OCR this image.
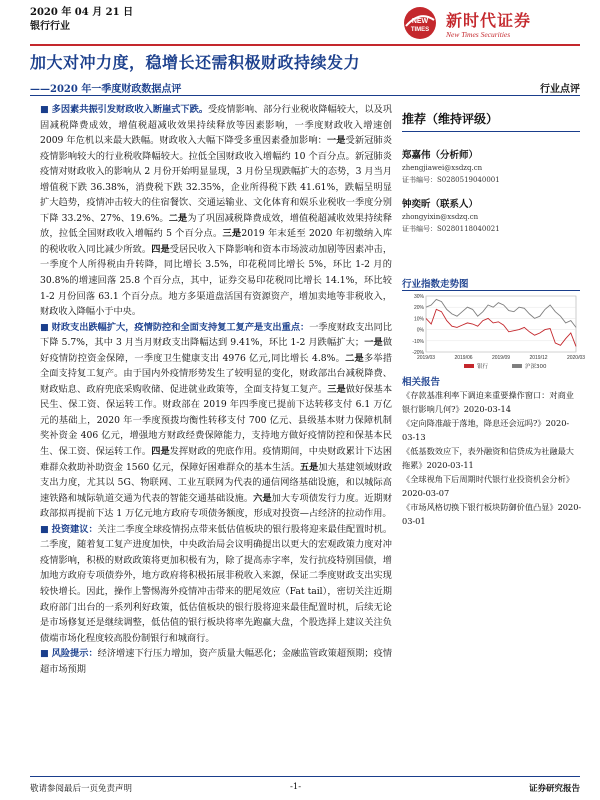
2020 年 04 月 21 日
银行行业	NEW
TIMES 新时代证券
New Times Securities
加大对冲力度，稳增长还需积极财政持续发力
——2020 年一季度财政数据点评	行业点评

■ 多因素共振引发财政收入断崖式下跌。受疫情影响、部分行业税收降幅较大，以及巩固减税降费成效，增值税超减收效果持续释放等因素影响，一季度财政收入增速创 2009 年危机以来最大跌幅。财政收入大幅下降受多重因素叠加影响：一是受新冠肺炎疫情影响较大的行业税收降幅较大。拉低全国财政收入增幅约 10 个百分点。新冠肺炎疫情对财政收入的影响从 2 月份开始明显显现，3 月份呈现跌幅扩大的态势，3 月当月增值税下跌 36.38%，消费税下跌 32.35%，企业所得税下跌 41.61%，跌幅呈明显扩大趋势，疫情冲击较大的住宿餐饮、交通运输业、文化体育和娱乐业税收一季度分别下降 33.2%、27%、19.6%。二是为了巩固减税降费成效，增值税超减收效果持续释放，拉低全国财政收入增幅约 5 个百分点。三是2019 年末延至 2020 年初缴纳入库的税收收入同比减少所致。四是受居民收入下降影响和资本市场波动加剧等因素冲击，一季度个人所得税由升转降，同比增长 3.5%，印花税同比增长 5%，环比 1-2 月的 30.8%的增速回落 25.8 个百分点，其中，证券交易印花税同比增长 14.1%，环比较 1-2 月份回落 63.1 个百分点。地方多渠道盘活国有资源资产，增加卖地等非税收入，财政收入降幅小于中央。

■ 财政支出跌幅扩大，疫情防控和全面支持复工复产是支出重点：一季度财政支出同比下降 5.7%，其中 3 月当月财政支出降幅达到 9.41%，环比 1-2 月跌幅扩大；一是做好疫情防控资金保障，一季度卫生健康支出 4976 亿元,同比增长 4.8%。二是多举措全面支持复工复产。由于国内外疫情形势发生了较明显的变化，财政部出台减税降费、财政贴息、政府兜底采购收储、促进就业政策等，全面支持复工复产。三是做好保基本民生、保工资、保运转工作。财政部在 2019 年四季度已提前下达转移支付 6.1 万亿元的基础上，2020 年一季度预拨均衡性转移支付 700 亿元、县级基本财力保障机制奖补资金 406 亿元，增强地方财政经费保障能力，支持地方做好疫情防控和保基本民生、保工资、保运转工作。四是发挥财政的兜底作用。疫情期间，中央财政累计下达困难群众救助补助资金 1560 亿元，保障好困难群众的基本生活。五是加大基建领域财政支出力度，尤其以 5G、物联网、工业互联网为代表的通信网络基础设施，和以城际高速铁路和城际轨道交通为代表的智能交通基础设施。六是加大专项债发行力度。近期财政部拟再提前下达 1 万亿元地方政府专项债务额度，形成对投资—占经济的拉动作用。

■ 投资建议：关注二季度全球疫情拐点带来低估值板块的银行股将迎来最佳配置时机。二季度，随着复工复产进度加快，中央政治局会议明确提出以更大的宏观政策力度对冲疫情影响，积极的财政政策将更加积极有为，除了提高赤字率，发行抗疫特别国债，增加地方政府专项债券外，地方政府将积极拓展非税收入来源，保证二季度财政支出实现较快增长。因此，操作上警惕海外疫情冲击带来的肥尾效应（Fat tail），密切关注近期政府部门出台的一系列利好政策，低估值板块的银行股将迎来最佳配置时机，后续无论是市场修复还是继续调整，低估值的银行板块将率先跑赢大盘，个股选择上建议关注负债端市场化程度较高股份制银行和城商行。

■ 风险提示：经济增速下行压力增加，资产质量大幅恶化；金融监管政策超预期；疫情超市场预期

推荐（维持评级）
郑嘉伟（分析师）
zhengjiawei@xsdzq.cn
证书编号：S0280519040001
钟奕昕（联系人）
zhongyixin@xsdzq.cn
证书编号：S0280118040021
行业指数走势图
-20%
-10%
0%
10%
20%
30%
2019/03	2019/06	2019/09	2019/12	2020/03
银行	沪深300
相关报告
《存款基准利率下调迫来重要操作窗口：对商业银行影响几何?》2020-03-14
《定向降准敲于落地，降息还会远吗?》2020-03-13
《低基数效应下，表外融资和信贷成为社融最大拖累》2020-03-11
《全球视角下后周期时代银行业投资机会分析》2020-03-07
《市场风格切换下银行板块防御价值凸显》2020-03-01
敬请参阅最后一页免责声明	-1-	证券研究报告
